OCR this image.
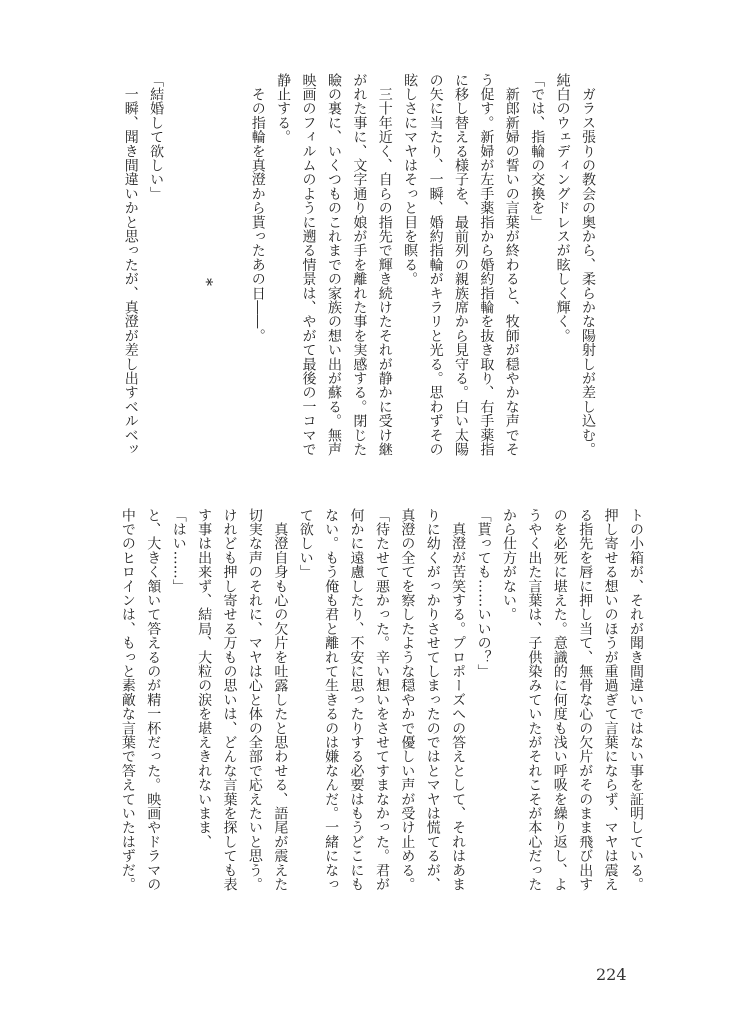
　ガラス張りの教会の奥から、柔らかな陽射しが差し込む。
純白のウェディングドレスが眩しく輝く。
「では、指輪の交換を」
　新郎新婦の誓いの言葉が終わると、牧師が穏やかな声でそ
う促す。新婦が左手薬指から婚約指輪を抜き取り、右手薬指
に移し替える様子を、最前列の親族席から見守る。白い太陽
の矢に当たり、一瞬、婚約指輪がキラリと光る。思わずその
眩しさにマヤはそっと目を瞑る。
　三十年近く、自らの指先で輝き続けたそれが静かに受け継
がれた事に、文字通り娘が手を離れた事を実感する。閉じた
瞼の裏に、いくつものこれまでの家族の想い出が蘇る。無声
映画のフィルムのように遡る情景は、やがて最後の一コマで
静止する。
　その指輪を真澄から貰ったあの日――。

*

「結婚して欲しい」
　一瞬、聞き間違いかと思ったが、真澄が差し出すベルベッ
トの小箱が、それが聞き間違いではない事を証明している。
押し寄せる想いのほうが重過ぎて言葉にならず、マヤは震え
る指先を唇に押し当て、無骨な心の欠片がそのまま飛び出す
のを必死に堪えた。意識的に何度も浅い呼吸を繰り返し、よ
うやく出た言葉は、子供染みていたがそれこそが本心だった
から仕方がない。
「貰っても……いいの？」
　真澄が苦笑する。プロポーズへの答えとして、それはあま
りに幼くがっかりさせてしまったのではとマヤは慌てるが、
真澄の全てを察したような穏やかで優しい声が受け止める。
「待たせて悪かった。辛い想いをさせてすまなかった。君が
何かに遠慮したり、不安に思ったりする必要はもうどこにも
ない。もう俺も君と離れて生きるのは嫌なんだ。一緒になっ
て欲しい」
　真澄自身も心の欠片を吐露したと思わせる、語尾が震えた
切実な声のそれに、マヤは心と体の全部で応えたいと思う。
けれども押し寄せる万もの思いは、どんな言葉を探しても表
す事は出来ず、結局、大粒の涙を堪えきれないまま、
「はい……」
と、大きく頷いて答えるのが精一杯だった。映画やドラマの
中でのヒロインは、もっと素敵な言葉で答えていたはずだ。
224
